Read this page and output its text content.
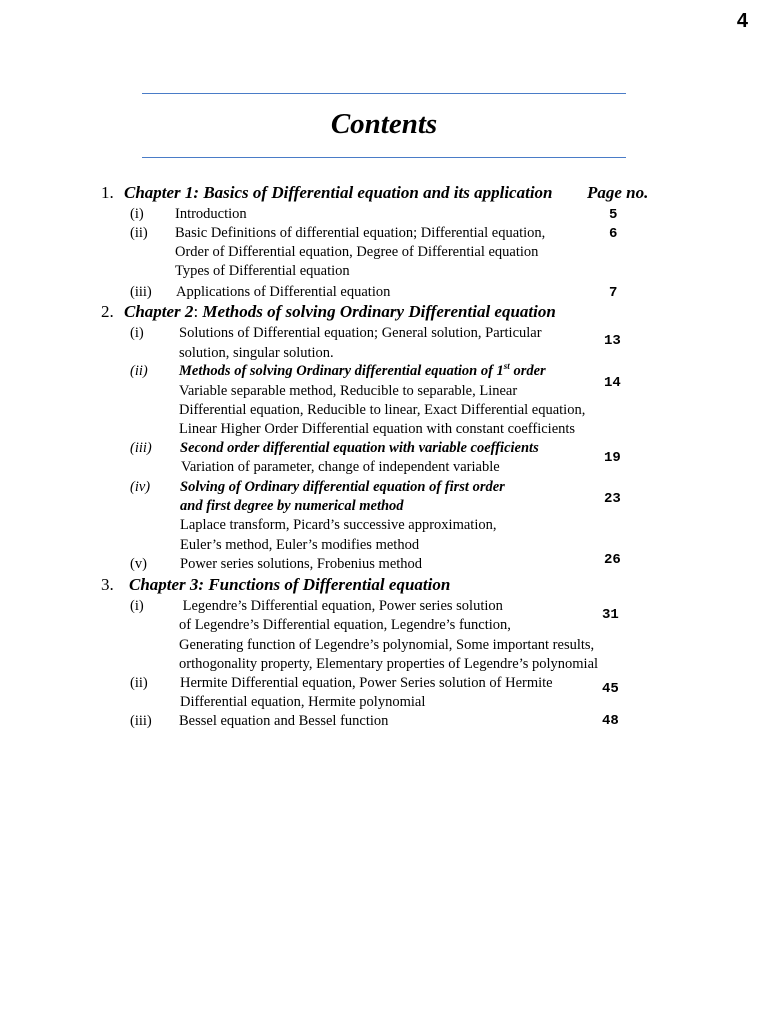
4
Contents
1. Chapter 1: Basics of Differential equation and its application Page no.
(i) Introduction	5
(ii) Basic Definitions of differential equation; Differential equation,
Order of Differential equation, Degree of Differential equation
Types of Differential equation
6
(iii) Applications of Differential equation	7
2. Chapter 2: Methods of solving Ordinary Differential equation
(i) Solutions of Differential equation; General solution, Particular
solution, singular solution.
13
(ii) Methods of solving Ordinary differential equation of 1st order
Variable separable method, Reducible to separable, Linear
Differential equation, Reducible to linear, Exact Differential equation,
Linear Higher Order Differential equation with constant coefficients
14
(iii) Second order differential equation with variable coefficients
Variation of parameter, change of independent variable
19
(iv) Solving of Ordinary differential equation of first order
and first degree by numerical method
Laplace transform, Picard’s successive approximation,
Euler’s method, Euler’s modifies method
23
(v) Power series solutions, Frobenius method	26
3. Chapter 3: Functions of Differential equation
(i) Legendre’s Differential equation, Power series solution
of Legendre’s Differential equation, Legendre’s function,
Generating function of Legendre’s polynomial, Some important results,
orthogonality property, Elementary properties of Legendre’s polynomial
31
(ii) Hermite Differential equation, Power Series solution of Hermite
Differential equation, Hermite polynomial
45
(iii) Bessel equation and Bessel function	48
